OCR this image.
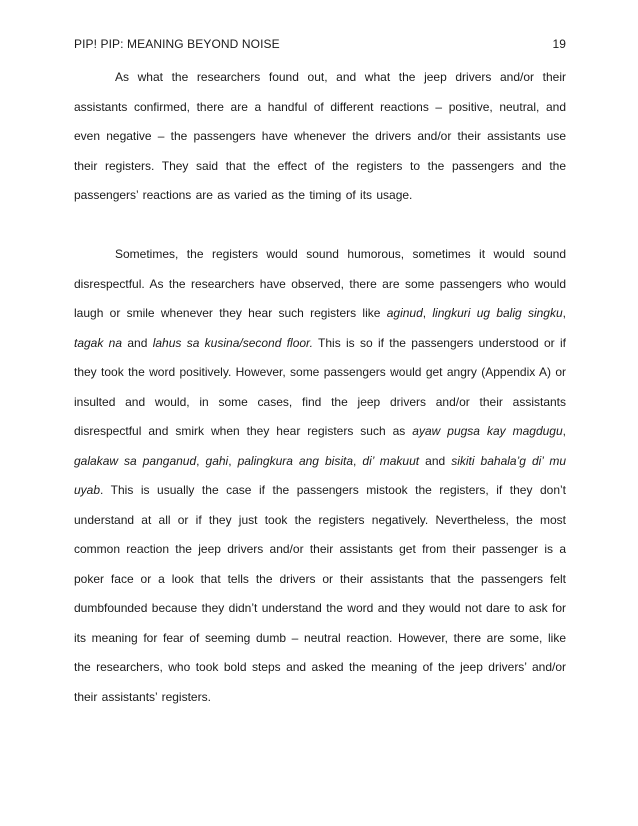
PIP! PIP: MEANING BEYOND NOISE	19

As what the researchers found out, and what the jeep drivers and/or their assistants confirmed, there are a handful of different reactions – positive, neutral, and even negative – the passengers have whenever the drivers and/or their assistants use their registers. They said that the effect of the registers to the passengers and the passengers’ reactions are as varied as the timing of its usage.

Sometimes, the registers would sound humorous, sometimes it would sound disrespectful. As the researchers have observed, there are some passengers who would laugh or smile whenever they hear such registers like aginud, lingkuri ug balig singku, tagak na and lahus sa kusina/second floor. This is so if the passengers understood or if they took the word positively. However, some passengers would get angry (Appendix A) or insulted and would, in some cases, find the jeep drivers and/or their assistants disrespectful and smirk when they hear registers such as ayaw pugsa kay magdugu, galakaw sa panganud, gahi, palingkura ang bisita, di’ makuut and sikiti bahala’g di’ mu uyab. This is usually the case if the passengers mistook the registers, if they don’t understand at all or if they just took the registers negatively. Nevertheless, the most common reaction the jeep drivers and/or their assistants get from their passenger is a poker face or a look that tells the drivers or their assistants that the passengers felt dumbfounded because they didn’t understand the word and they would not dare to ask for its meaning for fear of seeming dumb – neutral reaction. However, there are some, like the researchers, who took bold steps and asked the meaning of the jeep drivers’ and/or their assistants’ registers.
